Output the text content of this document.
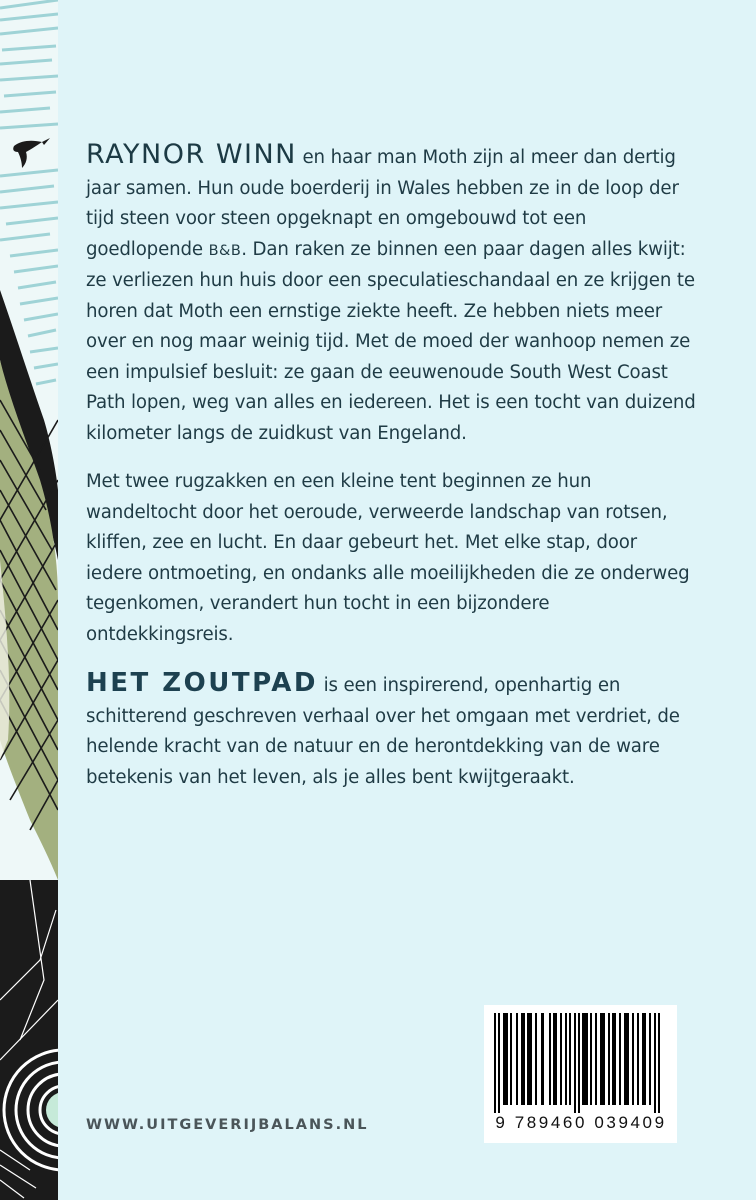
RAYNOR WINN en haar man Moth zijn al meer dan dertig jaar samen. Hun oude boerderij in Wales hebben ze in de loop der tijd steen voor steen opgeknapt en omgebouwd tot een goedlopende B&B. Dan raken ze binnen een paar dagen alles kwijt: ze verliezen hun huis door een speculatieschandaal en ze krijgen te horen dat Moth een ernstige ziekte heeft. Ze hebben niets meer over en nog maar weinig tijd. Met de moed der wanhoop nemen ze een impulsief besluit: ze gaan de eeuwenoude South West Coast Path lopen, weg van alles en iedereen. Het is een tocht van duizend kilometer langs de zuidkust van Engeland.

Met twee rugzakken en een kleine tent beginnen ze hun wandeltocht door het oeroude, verweerde landschap van rotsen, kliffen, zee en lucht. En daar gebeurt het. Met elke stap, door iedere ontmoeting, en ondanks alle moeilijkheden die ze onderweg tegenkomen, verandert hun tocht in een bijzondere ontdekkingsreis.

HET ZOUTPAD is een inspirerend, openhartig en schitterend geschreven verhaal over het omgaan met verdriet, de helende kracht van de natuur en de herontdekking van de ware betekenis van het leven, als je alles bent kwijtgeraakt.

9 789460 039409
WWW.UITGEVERIJBALANS.NL
